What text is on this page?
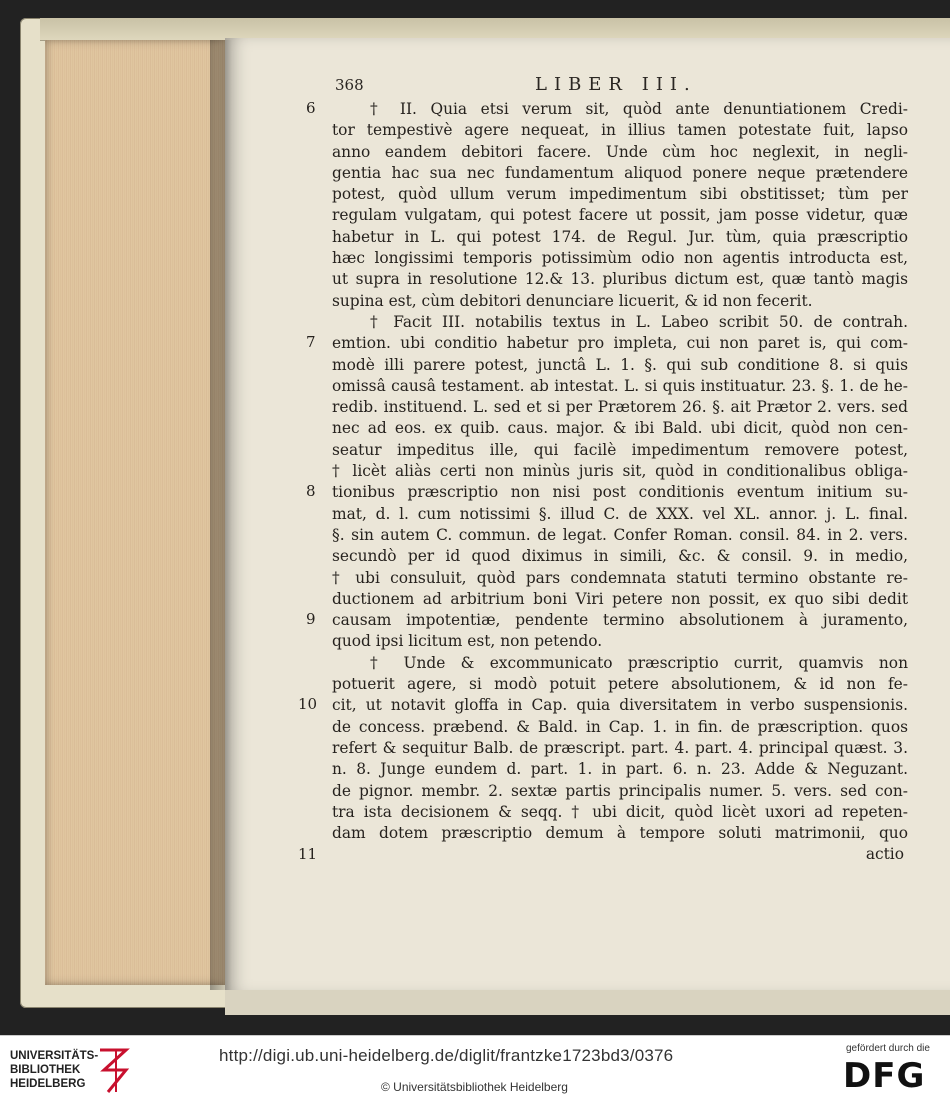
368	LIBER III.
6
7
8
9
10
11
† II. Quia etsi verum sit, quòd ante denuntiationem Credi-
tor tempestivè agere nequeat, in illius tamen potestate fuit, lapso
anno eandem debitori facere. Unde cùm hoc neglexit, in negli-
gentia hac sua nec fundamentum aliquod ponere neque prætendere
potest, quòd ullum verum impedimentum sibi obstitisset; tùm per
regulam vulgatam, qui potest facere ut possit, jam posse videtur, quæ
habetur in L. qui potest 174. de Regul. Jur. tùm, quia præscriptio
hæc longissimi temporis potissimùm odio non agentis introducta est,
ut supra in resolutione 12.& 13. pluribus dictum est, quæ tantò magis
supina est, cùm debitori denunciare licuerit, & id non fecerit.
† Facit III. notabilis textus in L. Labeo scribit 50. de contrah.
emtion. ubi conditio habetur pro impleta, cui non paret is, qui com-
modè illi parere potest, junctâ L. 1. §. qui sub conditione 8. si quis
omissâ causâ testament. ab intestat. L. si quis instituatur. 23. §. 1. de he-
redib. instituend. L. sed et si per Prætorem 26. §. ait Prætor 2. vers. sed
nec ad eos. ex quib. caus. major. & ibi Bald. ubi dicit, quòd non cen-
seatur impeditus ille, qui facilè impedimentum removere potest,
† licèt aliàs certi non minùs juris sit, quòd in conditionalibus obliga-
tionibus præscriptio non nisi post conditionis eventum initium su-
mat, d. l. cum notissimi §. illud C. de XXX. vel XL. annor. j. L. final.
§. sin autem C. commun. de legat. Confer Roman. consil. 84. in 2. vers.
secundò per id quod diximus in simili, &c. & consil. 9. in medio,
† ubi consuluit, quòd pars condemnata statuti termino obstante re-
ductionem ad arbitrium boni Viri petere non possit, ex quo sibi dedit
causam impotentiæ, pendente termino absolutionem à juramento,
quod ipsi licitum est, non petendo.
† Unde & excommunicato præscriptio currit, quamvis non
potuerit agere, si modò potuit petere absolutionem, & id non fe-
cit, ut notavit gloffa in Cap. quia diversitatem in verbo suspensionis.
de concess. præbend. & Bald. in Cap. 1. in fin. de præscription. quos
refert & sequitur Balb. de præscript. part. 4. part. 4. principal quæst. 3.
n. 8. Junge eundem d. part. 1. in part. 6. n. 23. Adde & Neguzant.
de pignor. membr. 2. sextæ partis principalis numer. 5. vers. sed con-
tra ista decisionem & seqq. † ubi dicit, quòd licèt uxori ad repeten-
dam dotem præscriptio demum à tempore soluti matrimonii, quo
actio
UNIVERSITÄTS-
BIBLIOTHEK
HEIDELBERG
http://digi.ub.uni-heidelberg.de/diglit/frantzke1723bd3/0376
© Universitätsbibliothek Heidelberg
gefördert durch die
DFG
